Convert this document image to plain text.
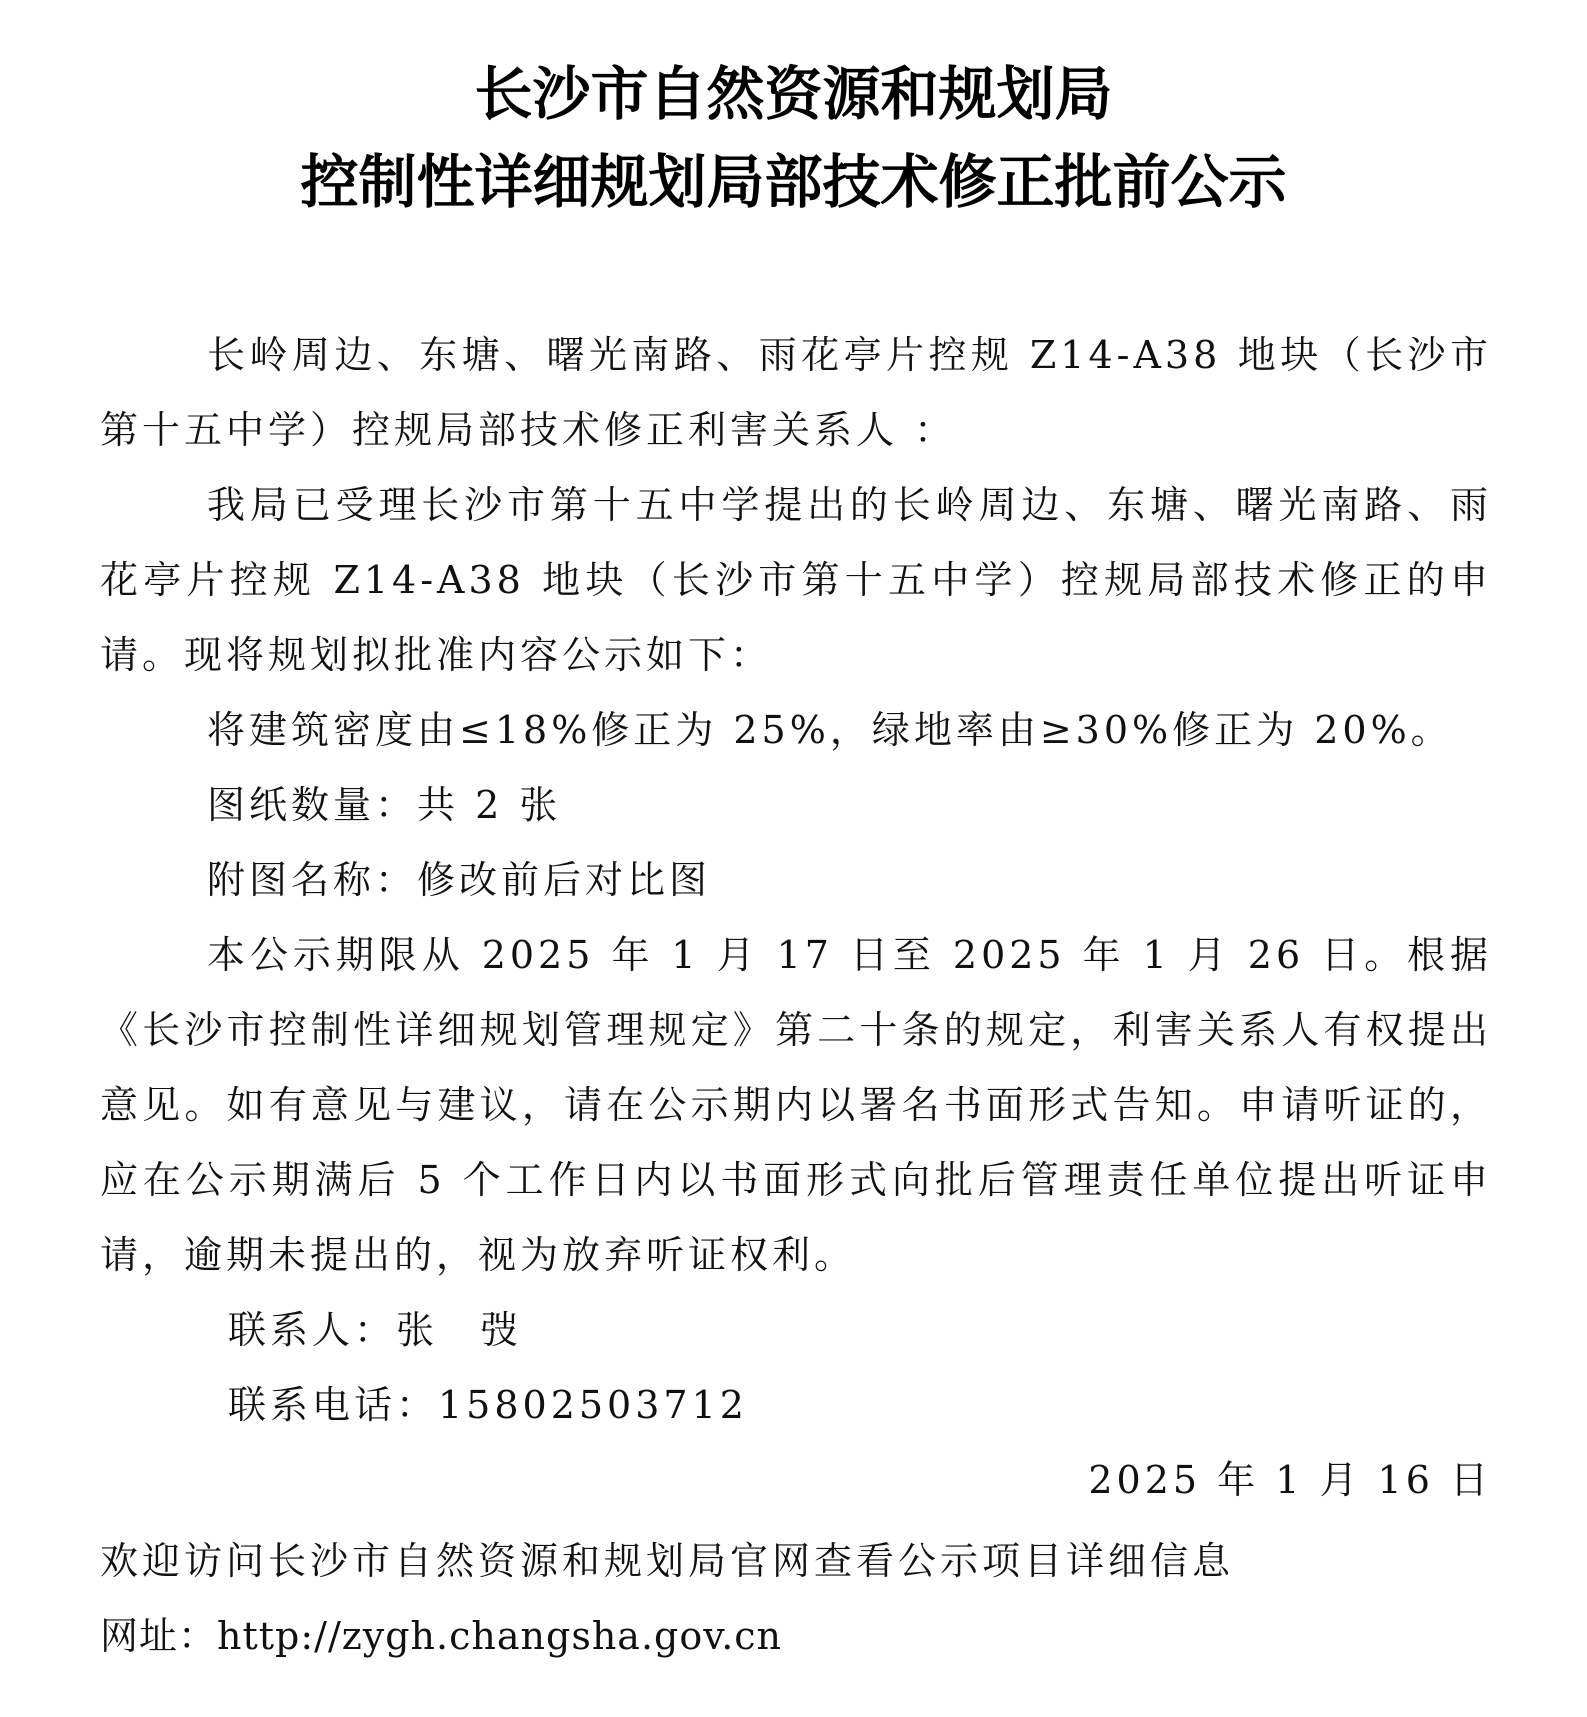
长沙市自然资源和规划局
控制性详细规划局部技术修正批前公示

长岭周边、东塘、曙光南路、雨花亭片控规 Z14-A38 地块（长沙市第十五中学）控规局部技术修正利害关系人 ：

我局已受理长沙市第十五中学提出的长岭周边、东塘、曙光南路、雨花亭片控规 Z14-A38 地块（长沙市第十五中学）控规局部技术修正的申请。现将规划拟批准内容公示如下：

将建筑密度由≤18%修正为 25%，绿地率由≥30%修正为 20%。

图纸数量：共 2 张

附图名称：修改前后对比图

本公示期限从 2025 年 1 月 17 日至 2025 年 1 月 26 日。根据《长沙市控制性详细规划管理规定》第二十条的规定，利害关系人有权提出意见。如有意见与建议，请在公示期内以署名书面形式告知。申请听证的，应在公示期满后 5 个工作日内以书面形式向批后管理责任单位提出听证申请，逾期未提出的，视为放弃听证权利。

联系人：张　弢

联系电话：15802503712

2025 年 1 月 16 日

欢迎访问长沙市自然资源和规划局官网查看公示项目详细信息

网址：http://zygh.changsha.gov.cn
